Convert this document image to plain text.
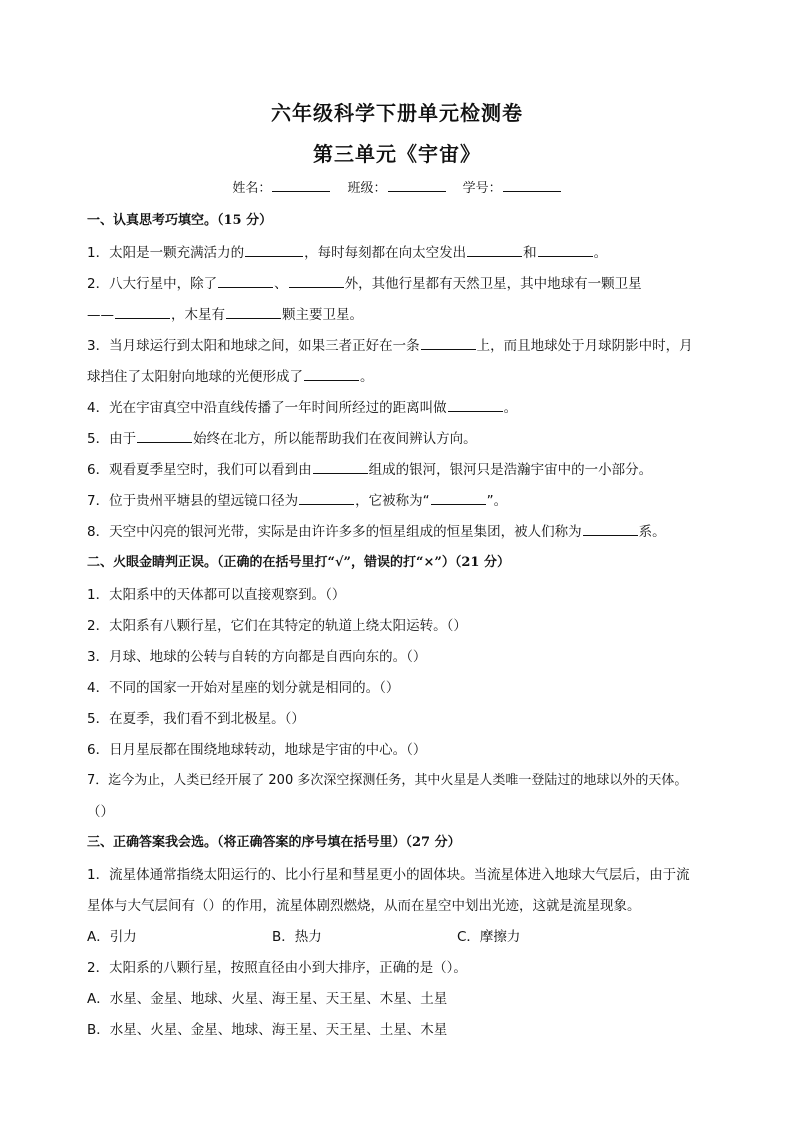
六年级科学下册单元检测卷
第三单元《宇宙》
姓名：	班级：	学号：
一、认真思考巧填空。（15 分）
1．太阳是一颗充满活力的	，每时每刻都在向太空发出	和	。
2．八大行星中，除了	、	外，其他行星都有天然卫星，其中地球有一颗卫星
——	，木星有	颗主要卫星。
3．当月球运行到太阳和地球之间，如果三者正好在一条	上，而且地球处于月球阴影中时，月
球挡住了太阳射向地球的光便形成了	。
4．光在宇宙真空中沿直线传播了一年时间所经过的距离叫做	。
5．由于	始终在北方，所以能帮助我们在夜间辨认方向。
6．观看夏季星空时，我们可以看到由	组成的银河，银河只是浩瀚宇宙中的一小部分。
7．位于贵州平塘县的望远镜口径为	，它被称为“	”。
8．天空中闪亮的银河光带，实际是由许许多多的恒星组成的恒星集团，被人们称为	系。
二、火眼金睛判正误。（正确的在括号里打“√”，错误的打“×”）（21 分）
1．太阳系中的天体都可以直接观察到。（）
2．太阳系有八颗行星，它们在其特定的轨道上绕太阳运转。（）
3．月球、地球的公转与自转的方向都是自西向东的。（）
4．不同的国家一开始对星座的划分就是相同的。（）
5．在夏季，我们看不到北极星。（）
6．日月星辰都在围绕地球转动，地球是宇宙的中心。（）
7．迄今为止，人类已经开展了 200 多次深空探测任务，其中火星是人类唯一登陆过的地球以外的天体。
（）
三、正确答案我会选。（将正确答案的序号填在括号里）（27 分）
1．流星体通常指绕太阳运行的、比小行星和彗星更小的固体块。当流星体进入地球大气层后，由于流
星体与大气层间有（）的作用，流星体剧烈燃烧，从而在星空中划出光迹，这就是流星现象。
A．引力	B．热力	C．摩擦力
2．太阳系的八颗行星，按照直径由小到大排序，正确的是（）。
A．水星、金星、地球、火星、海王星、天王星、木星、土星
B．水星、火星、金星、地球、海王星、天王星、土星、木星
